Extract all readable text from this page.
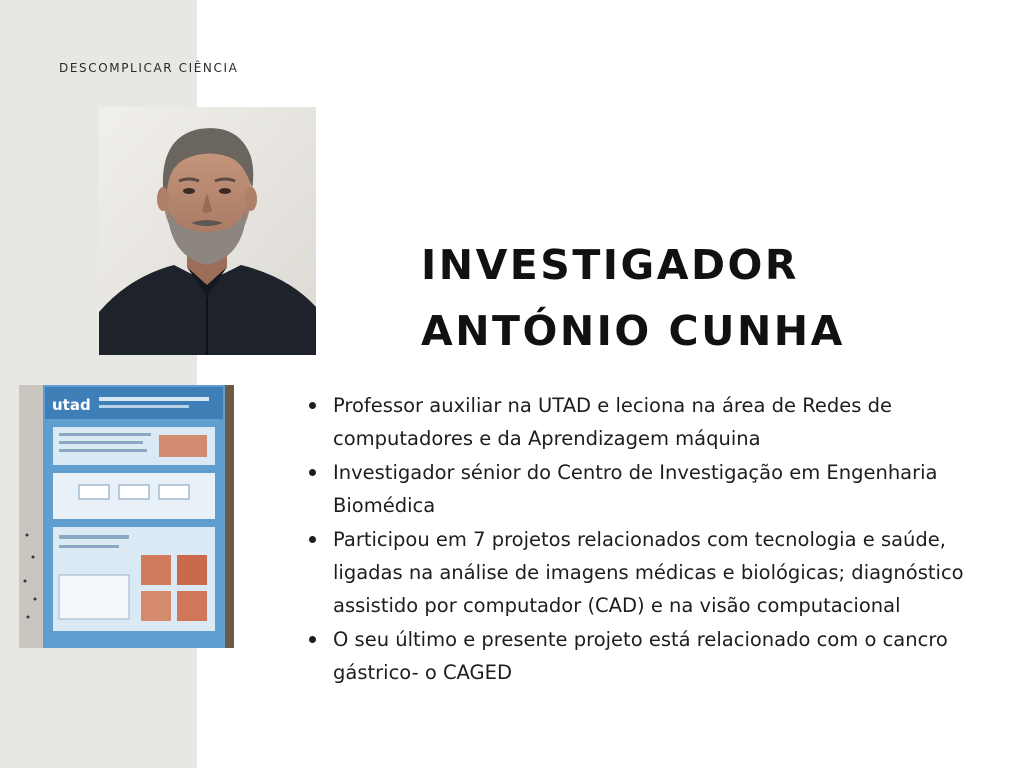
DESCOMPLICAR CIÊNCIA
utad
INVESTIGADOR
ANTÓNIO CUNHA
Professor auxiliar na UTAD e leciona na área de Redes de computadores e da Aprendizagem máquina
Investigador sénior do Centro de Investigação em Engenharia Biomédica
Participou em 7 projetos relacionados com tecnologia e saúde, ligadas na análise de imagens médicas e biológicas; diagnóstico assistido por computador (CAD) e na visão computacional
O seu último e presente projeto está relacionado com o cancro gástrico- o CAGED
